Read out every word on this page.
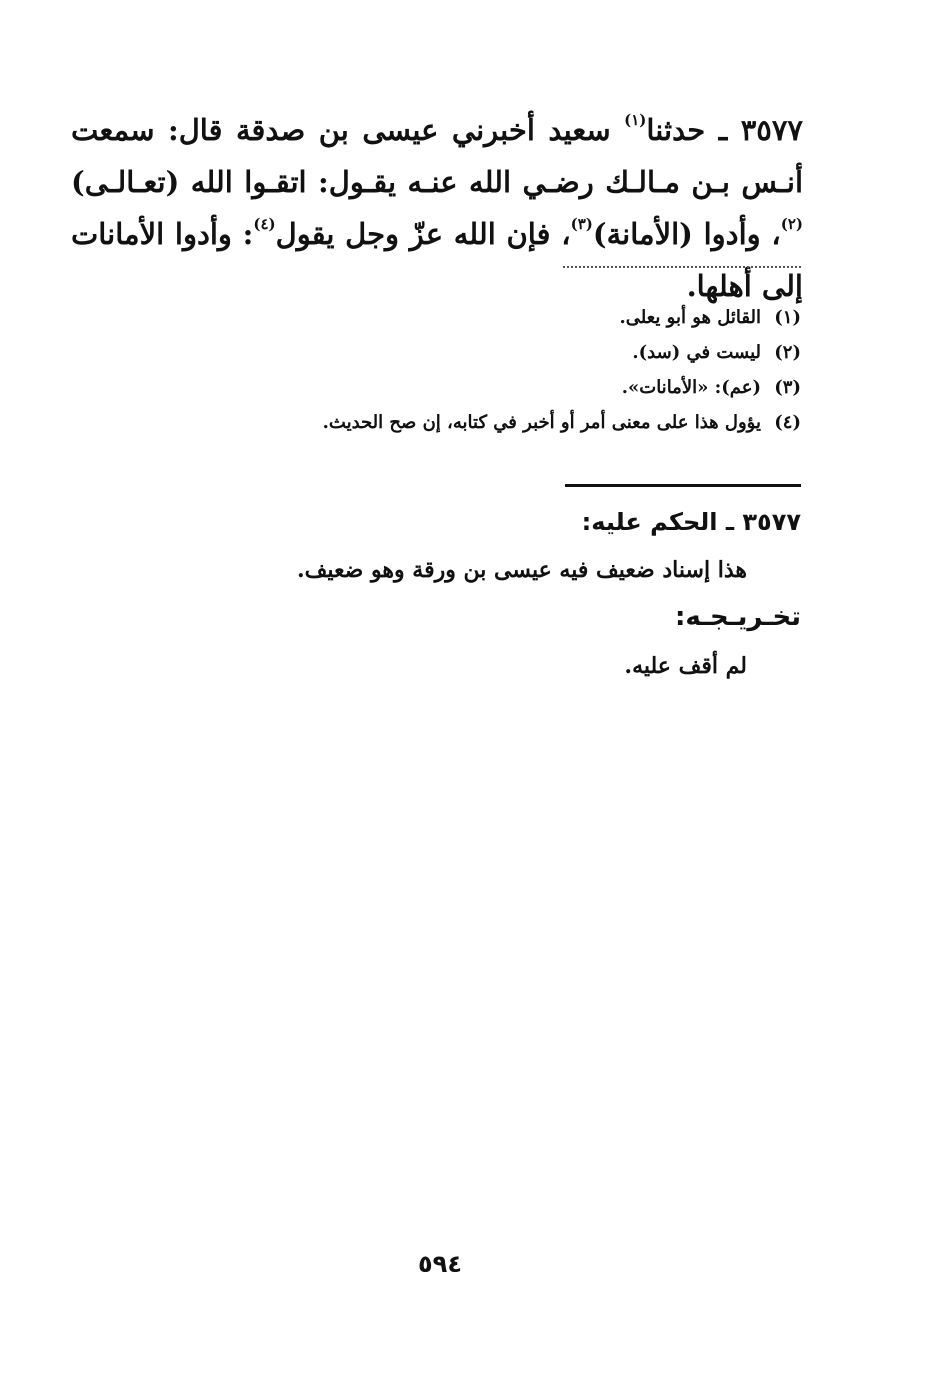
٣٥٧٧ ـ حدثنا$^{(١)}$ سعيد أخبرني عيسى بن صدقة قال: سمعت أنـس بـن مـالـك رضـي الله عنـه يقـول: اتقـوا الله (تعـالـى)$^{(٢)}$، وأدوا (الأمانة)$^{(٣)}$، فإن الله عزّ وجل يقول$^{(٤)}$: وأدوا الأمانات إلى أهلها.

(١)القائل هو أبو يعلى.
(٢)ليست في (سد).
(٣)(عم): «الأمانات».
(٤)يؤول هذا على معنى أمر أو أخبر في كتابه، إن صح الحديث.
٣٥٧٧ ـ الحكم عليه:
هذا إسناد ضعيف فيه عيسى بن ورقة وهو ضعيف.
تخـريـجـه:
لم أقف عليه.
٥٩٤
